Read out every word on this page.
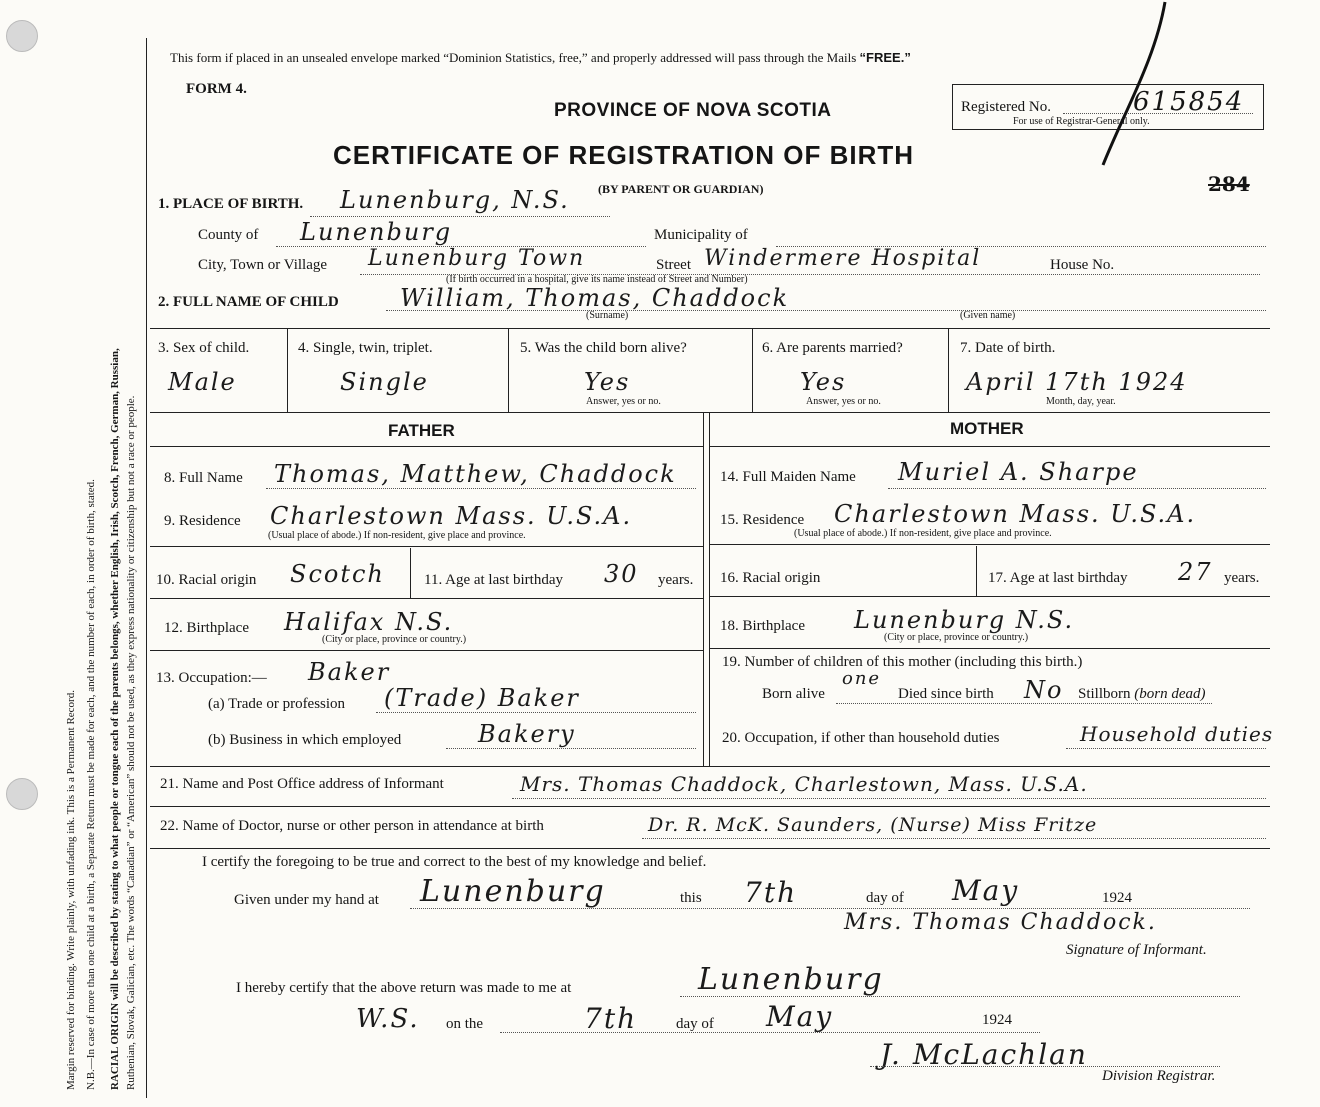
Margin reserved for binding. Write plainly, with unfading ink. This is a Permanent Record. N.B.—In case of more than one child at a birth, a Separate Return must be made for each, and the number of each, in order of birth, stated. RACIAL ORIGIN will be described by stating to what people or tongue each of the parents belongs, whether English, Irish, Scotch, French, German, Russian, Ruthenian, Slovak, Galician, etc. The words “Canadian” or “American” should not be used, as they express nationality or citizenship but not a race or people.
This form if placed in an unsealed envelope marked “Dominion Statistics, free,” and properly addressed will pass through the Mails “FREE.”
FORM 4.
PROVINCE OF NOVA SCOTIA
CERTIFICATE OF REGISTRATION OF BIRTH
(BY PARENT OR GUARDIAN)
Registered No.	615854
For use of Registrar-General only.
284
1. PLACE OF BIRTH. Lunenburg, N.S.
County of Lunenburg	Municipality of
City, Town or Village Lunenburg Town
(If birth occurred in a hospital, give its name instead of Street and Number)
Street Windermere Hospital	House No.
2. FULL NAME OF CHILD	William, Thomas, Chaddock
(Surname)	(Given name)
3. Sex of child.
Male
4. Single, twin, triplet.
Single
5. Was the child born alive?
Yes
Answer, yes or no.
6. Are parents married?
Yes
Answer, yes or no.
7. Date of birth.
April 17th 1924
Month, day, year.
FATHER
8. Full Name Thomas, Matthew, Chaddock
9. Residence Charlestown Mass. U.S.A.
(Usual place of abode.) If non-resident, give place and province.
10. Racial origin Scotch	11. Age at last birthday 30 years.
12. Birthplace Halifax N.S.
(City or place, province or country.)
13. Occupation:— Baker
(a) Trade or profession (Trade) Baker
(b) Business in which employed	Bakery
MOTHER
14. Full Maiden Name Muriel A. Sharpe
15. Residence Charlestown Mass. U.S.A.
(Usual place of abode.) If non-resident, give place and province.
16. Racial origin	17. Age at last birthday 27 years.
18. Birthplace Lunenburg N.S.
(City or place, province or country.)
19. Number of children of this mother (including this birth.)
Born alive
one
Died since birth No Stillborn (born dead)
20. Occupation, if other than household duties	Household duties
21. Name and Post Office address of Informant	Mrs. Thomas Chaddock, Charlestown, Mass. U.S.A.
22. Name of Doctor, nurse or other person in attendance at birth	Dr. R. McK. Saunders, (Nurse) Miss Fritze
I certify the foregoing to be true and correct to the best of my knowledge and belief.
Given under my hand at Lunenburg	this 7th	day of May	1924
Mrs. Thomas Chaddock.
Signature of Informant.
I hereby certify that the above return was made to me at	Lunenburg
W.S. on the	7th	day of May	1924
J. McLachlan
Division Registrar.
